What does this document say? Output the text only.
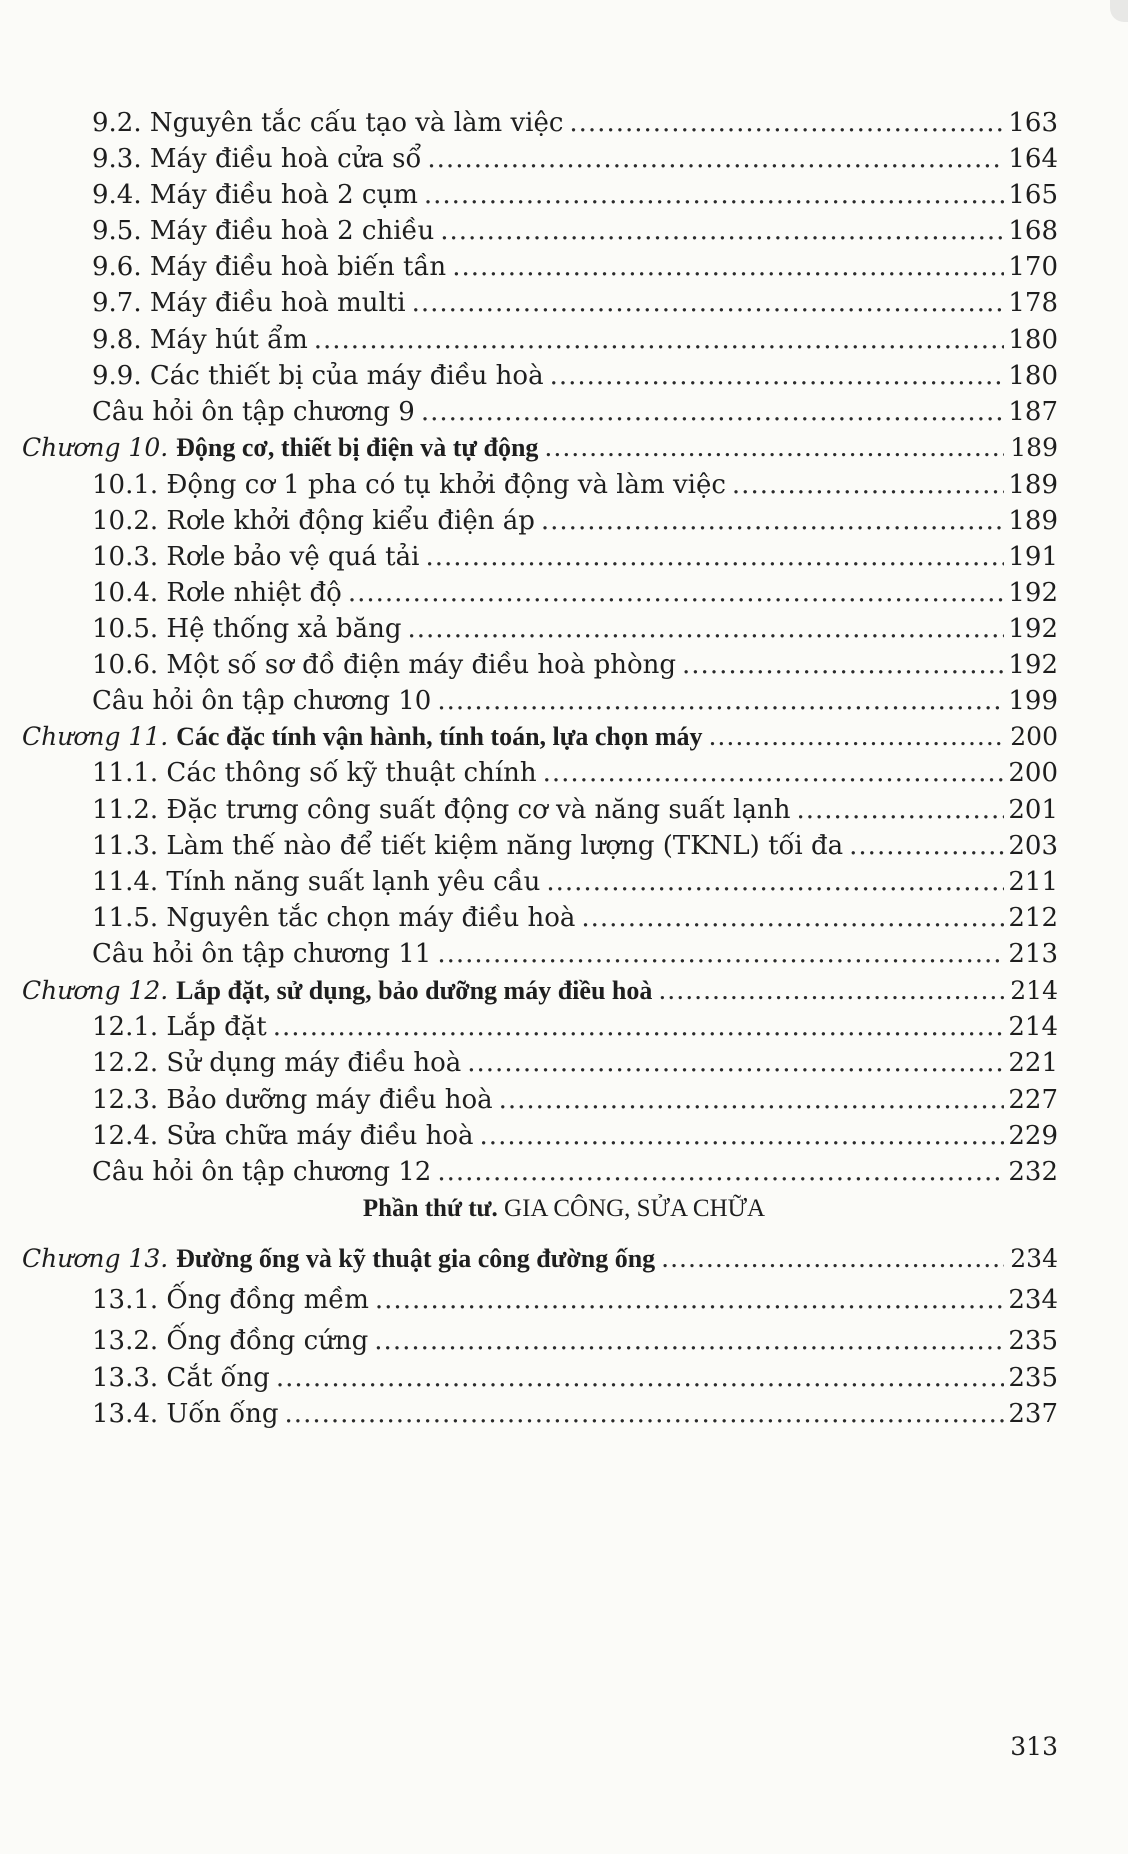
9.2. Nguyên tắc cấu tạo và làm việc .....	163
9.3. Máy điều hoà cửa sổ .....	164
9.4. Máy điều hoà 2 cụm .....	165
9.5. Máy điều hoà 2 chiều .....	168
9.6. Máy điều hoà biến tần .....	170
9.7. Máy điều hoà multi .....	178
9.8. Máy hút ẩm .....	180
9.9. Các thiết bị của máy điều hoà .....	180
Câu hỏi ôn tập chương 9 .....	187
Chương 10. Động cơ, thiết bị điện và tự động .....	189
10.1. Động cơ 1 pha có tụ khởi động và làm việc .....	189
10.2. Rơle khởi động kiểu điện áp .....	189
10.3. Rơle bảo vệ quá tải .....	191
10.4. Rơle nhiệt độ .....	192
10.5. Hệ thống xả băng .....	192
10.6. Một số sơ đồ điện máy điều hoà phòng .....	192
Câu hỏi ôn tập chương 10 .....	199
Chương 11. Các đặc tính vận hành, tính toán, lựa chọn máy .....	200
11.1. Các thông số kỹ thuật chính .....	200
11.2. Đặc trưng công suất động cơ và năng suất lạnh .....	201
11.3. Làm thế nào để tiết kiệm năng lượng (TKNL) tối đa .....	203
11.4. Tính năng suất lạnh yêu cầu .....	211
11.5. Nguyên tắc chọn máy điều hoà .....	212
Câu hỏi ôn tập chương 11 .....	213
Chương 12. Lắp đặt, sử dụng, bảo dưỡng máy điều hoà .....	214
12.1. Lắp đặt .....	214
12.2. Sử dụng máy điều hoà .....	221
12.3. Bảo dưỡng máy điều hoà .....	227
12.4. Sửa chữa máy điều hoà .....	229
Câu hỏi ôn tập chương 12 .....	232
Phần thứ tư. GIA CÔNG, SỬA CHỮA
Chương 13. Đường ống và kỹ thuật gia công đường ống .....	234
13.1. Ống đồng mềm .....	234
13.2. Ống đồng cứng .....	235
13.3. Cắt ống .....	235
13.4. Uốn ống .....	237
313
